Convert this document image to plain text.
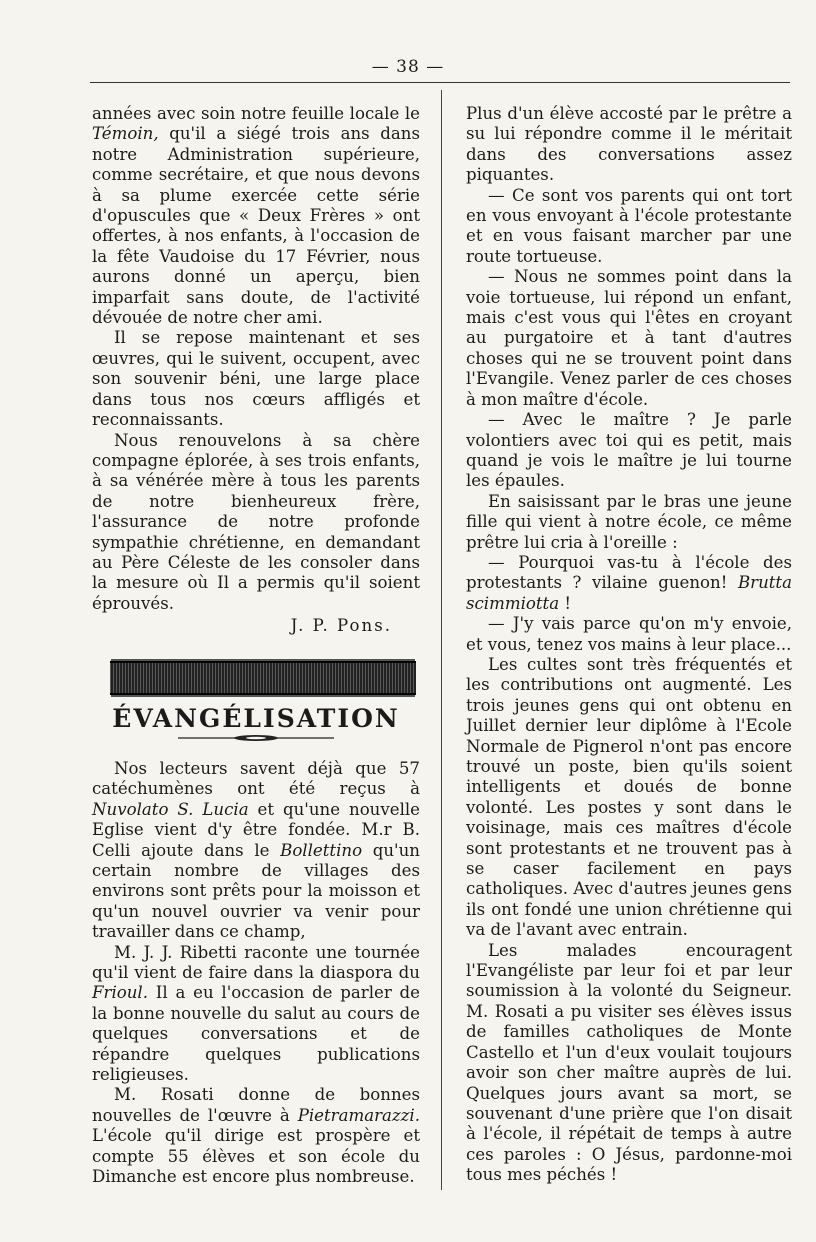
— 38 —

années avec soin notre feuille locale le Témoin, qu'il a siégé trois ans dans notre Administration supérieure, comme secrétaire, et que nous devons à sa plume exercée cette série d'opuscules que « Deux Frères » ont offertes, à nos enfants, à l'occasion de la fête Vaudoise du 17 Février, nous aurons donné un aperçu, bien imparfait sans doute, de l'activité dévouée de notre cher ami.

Il se repose maintenant et ses œuvres, qui le suivent, occupent, avec son souvenir béni, une large place dans tous nos cœurs affligés et reconnaissants.

Nous renouvelons à sa chère compagne éplorée, à ses trois enfants, à sa vénérée mère à tous les parents de notre bienheureux frère, l'assurance de notre profonde sympathie chrétienne, en demandant au Père Céleste de les consoler dans la mesure où Il a permis qu'il soient éprouvés.

J. P. Pons.
ÉVANGÉLISATION

Nos lecteurs savent déjà que 57 catéchumènes ont été reçus à Nuvolato S. Lucia et qu'une nouvelle Eglise vient d'y être fondée. M.r B. Celli ajoute dans le Bollettino qu'un certain nombre de villages des environs sont prêts pour la moisson et qu'un nouvel ouvrier va venir pour travailler dans ce champ,

M. J. J. Ribetti raconte une tournée qu'il vient de faire dans la diaspora du Frioul. Il a eu l'occasion de parler de la bonne nouvelle du salut au cours de quelques conversations et de répandre quelques publications religieuses.

M. Rosati donne de bonnes nouvelles de l'œuvre à Pietramarazzi. L'école qu'il dirige est prospère et compte 55 élèves et son école du Dimanche est encore plus nombreuse.

Plus d'un élève accosté par le prêtre a su lui répondre comme il le méritait dans des conversations assez piquantes.

— Ce sont vos parents qui ont tort en vous envoyant à l'école protestante et en vous faisant marcher par une route tortueuse.

— Nous ne sommes point dans la voie tortueuse, lui répond un enfant, mais c'est vous qui l'êtes en croyant au purgatoire et à tant d'autres choses qui ne se trouvent point dans l'Evangile. Venez parler de ces choses à mon maître d'école.

— Avec le maître ? Je parle volontiers avec toi qui es petit, mais quand je vois le maître je lui tourne les épaules.

En saisissant par le bras une jeune fille qui vient à notre école, ce même prêtre lui cria à l'oreille :

— Pourquoi vas-tu à l'école des protestants ? vilaine guenon! Brutta scimmiotta !

— J'y vais parce qu'on m'y envoie, et vous, tenez vos mains à leur place...

Les cultes sont très fréquentés et les contributions ont augmenté. Les trois jeunes gens qui ont obtenu en Juillet dernier leur diplôme à l'Ecole Normale de Pignerol n'ont pas encore trouvé un poste, bien qu'ils soient intelligents et doués de bonne volonté. Les postes y sont dans le voisinage, mais ces maîtres d'école sont protestants et ne trouvent pas à se caser facilement en pays catholiques. Avec d'autres jeunes gens ils ont fondé une union chrétienne qui va de l'avant avec entrain.

Les malades encouragent l'Evangéliste par leur foi et par leur soumission à la volonté du Seigneur. M. Rosati a pu visiter ses élèves issus de familles catholiques de Monte Castello et l'un d'eux voulait toujours avoir son cher maître auprès de lui. Quelques jours avant sa mort, se souvenant d'une prière que l'on disait à l'école, il répétait de temps à autre ces paroles : O Jésus, pardonne-moi tous mes péchés !
